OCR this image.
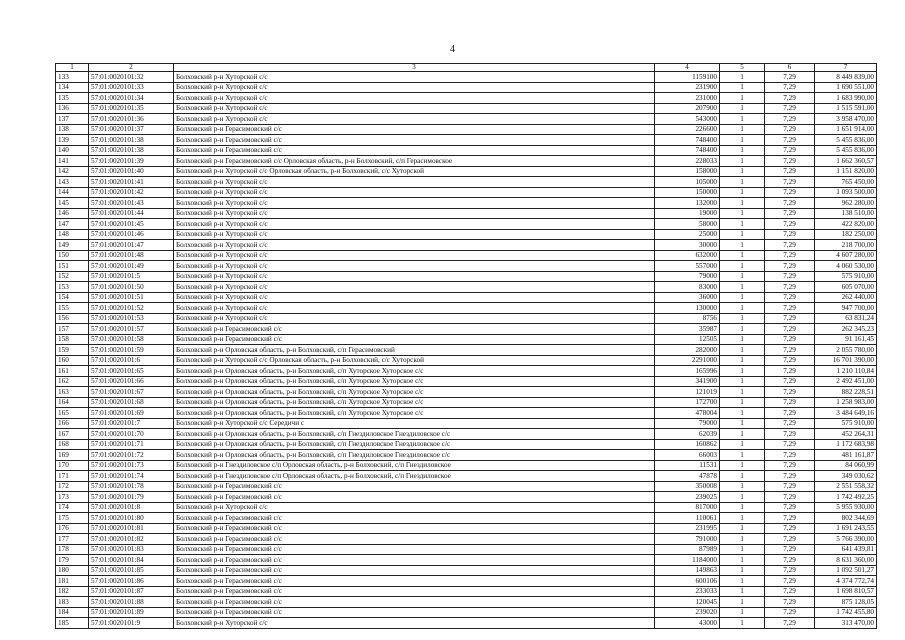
4
1	2	3	4	5	6	7
133	57:01:0020101:32	Болховский р-н Хуторской с/с	1159100	1	7,29	8 449 839,00
134	57:01:0020101:33	Болховский р-н Хуторской с/с	231900	1	7,29	1 690 551,00
135	57:01:0020101:34	Болховский р-н Хуторской с/с	231000	1	7,29	1 683 990,00
136	57:01:0020101:35	Болховский р-н Хуторской с/с	207900	1	7,29	1 515 591,00
137	57:01:0020101:36	Болховский р-н Хуторской с/с	543000	1	7,29	3 958 470,00
138	57:01:0020101:37	Болховский р-н Герасимовский с/с	226600	1	7,29	1 651 914,00
139	57:01:0020101:38	Болховский р-н Герасимовский с/с	748400	1	7,29	5 455 836,00
140	57:01:0020101:38	Болховский р-н Герасимовский с/с	748400	1	7,29	5 455 836,00
141	57:01:0020101:39	Болховский р-н Герасимовский с/с Орловская область, р-н Болховский, с/п Герасимовское	228033	1	7,29	1 662 360,57
142	57:01:0020101:40	Болховский р-н Хуторской с/с Орловская область, р-н Болховский, с/с Хуторской	158000	1	7,29	1 151 820,00
143	57:01:0020101:41	Болховский р-н Хуторской с/с	105000	1	7,29	765 450,00
144	57:01:0020101:42	Болховский р-н Хуторской с/с	150000	1	7,29	1 093 500,00
145	57:01:0020101:43	Болховский р-н Хуторской с/с	132000	1	7,29	962 280,00
146	57:01:0020101:44	Болховский р-н Хуторской с/с	19000	1	7,29	138 510,00
147	57:01:0020101:45	Болховский р-н Хуторской с/с	58000	1	7,29	422 820,00
148	57:01:0020101:46	Болховский р-н Хуторской с/с	25000	1	7,29	182 250,00
149	57:01:0020101:47	Болховский р-н Хуторской с/с	30000	1	7,29	218 700,00
150	57:01:0020101:48	Болховский р-н Хуторской с/с	632000	1	7,29	4 607 280,00
151	57:01:0020101:49	Болховский р-н Хуторской с/с	557000	1	7,29	4 060 530,00
152	57:01:0020101:5	Болховский р-н Хуторской с/с	79000	1	7,29	575 910,00
153	57:01:0020101:50	Болховский р-н Хуторской с/с	83000	1	7,29	605 070,00
154	57:01:0020101:51	Болховский р-н Хуторской с/с	36000	1	7,29	262 440,00
155	57:01:0020101:52	Болховский р-н Хуторской с/с	130000	1	7,29	947 700,00
156	57:01:0020101:53	Болховский р-н Хуторской с/с	8756	1	7,29	63 831,24
157	57:01:0020101:57	Болховский р-н Герасимовский с/с	35987	1	7,29	262 345,23
158	57:01:0020101:58	Болховский р-н Герасимовский с/с	12505	1	7,29	91 161,45
159	57:01:0020101:59	Болховский р-н Орловская область, р-н Болховский, с/п Герасимовский	282000	1	7,29	2 055 780,00
160	57:01:0020101:6	Болховский р-н Хуторской с/с Орловская область, р-н Болховский, с/с Хуторской	2291000	1	7,29	16 701 390,00
161	57:01:0020101:65	Болховский р-н Орловская область, р-н Болховский, с/п Хуторское Хуторское с/с	165996	1	7,29	1 210 110,84
162	57:01:0020101:66	Болховский р-н Орловская область, р-н Болховский, с/п Хуторское Хуторское с/с	341900	1	7,29	2 492 451,00
163	57:01:0020101:67	Болховский р-н Орловская область, р-н Болховский, с/п Хуторское Хуторское с/с	121019	1	7,29	882 228,51
164	57:01:0020101:68	Болховский р-н Орловская область, р-н Болховский, с/п Хуторское Хуторское с/с	172700	1	7,29	1 258 983,00
165	57:01:0020101:69	Болховский р-н Орловская область, р-н Болховский, с/п Хуторское Хуторское с/с	478004	1	7,29	3 484 649,16
166	57:01:0020101:7	Болховский р-н Хуторской с/с Середичи с	79000	1	7,29	575 910,00
167	57:01:0020101:70	Болховский р-н Орловская область, р-н Болховский, с/п Гнездиловское Гнездиловское с/с	62039	1	7,29	452 264,31
168	57:01:0020101:71	Болховский р-н Орловская область, р-н Болховский, с/п Гнездиловское Гнездиловское с/с	160862	1	7,29	1 172 683,98
169	57:01:0020101:72	Болховский р-н Орловская область, р-н Болховский, с/п Гнездиловское Гнездиловское с/с	66003	1	7,29	481 161,87
170	57:01:0020101:73	Болховский р-н Гнездиловское с/п Орловская область, р-н Болховский, с/п Гнездиловское	11531	1	7,29	84 060,99
171	57:01:0020101:74	Болховский р-н Гнездиловское с/п Орловская область, р-н Болховский, с/п Гнездиловское	47878	1	7,29	349 030,62
172	57:01:0020101:78	Болховский р-н Герасимовский с/с	350008	1	7,29	2 551 558,32
173	57:01:0020101:79	Болховский р-н Герасимовский с/с	239025	1	7,29	1 742 492,25
174	57:01:0020101:8	Болховский р-н Хуторской с/с	817000	1	7,29	5 955 930,00
175	57:01:0020101:80	Болховский р-н Герасимовский с/с	110061	1	7,29	802 344,69
176	57:01:0020101:81	Болховский р-н Герасимовский с/с	231995	1	7,29	1 691 243,55
177	57:01:0020101:82	Болховский р-н Герасимовский с/с	791000	1	7,29	5 766 390,00
178	57:01:0020101:83	Болховский р-н Герасимовский с/с	87989	1	7,29	641 439,81
179	57:01:0020101:84	Болховский р-н Герасимовский с/с	1184000	1	7,29	8 631 360,00
180	57:01:0020101:85	Болховский р-н Герасимовский с/с	149863	1	7,29	1 092 501,27
181	57:01:0020101:86	Болховский р-н Герасимовский с/с	600106	1	7,29	4 374 772,74
182	57:01:0020101:87	Болховский р-н Герасимовский с/с	233033	1	7,29	1 698 810,57
183	57:01:0020101:88	Болховский р-н Герасимовский с/с	120045	1	7,29	875 128,05
184	57:01:0020101:89	Болховский р-н Герасимовский с/с	239020	1	7,29	1 742 455,80
185	57:01:0020101:9	Болховский р-н Хуторской с/с	43000	1	7,29	313 470,00
